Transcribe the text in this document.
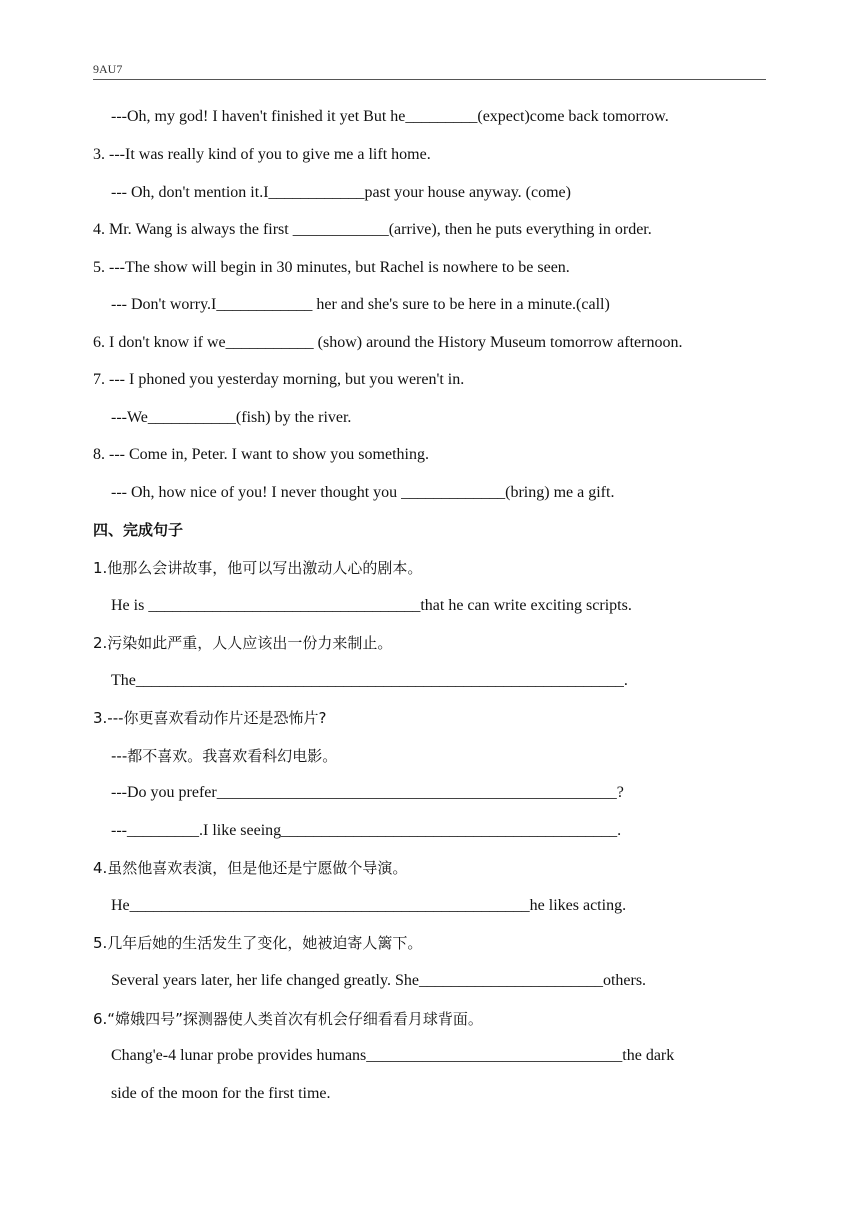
9AU7
---Oh, my god! I haven't finished it yet But he_________(expect)come back tomorrow.
3. ---It was really kind of you to give me a lift home.
--- Oh, don't mention it.I____________past your house anyway. (come)
4. Mr. Wang is always the first ____________(arrive), then he puts everything in order.
5. ---The show will begin in 30 minutes, but Rachel is nowhere to be seen.
--- Don't worry.I____________ her and she's sure to be here in a minute.(call)
6. I don't know if we___________ (show) around the History Museum tomorrow afternoon.
7. --- I phoned you yesterday morning, but you weren't in.
---We___________(fish) by the river.
8. --- Come in, Peter. I want to show you something.
--- Oh, how nice of you! I never thought you _____________(bring) me a gift.
四、完成句子
1.他那么会讲故事，他可以写出激动人心的剧本。
He is __________________________________that he can write exciting scripts.
2.污染如此严重，人人应该出一份力来制止。
The_____________________________________________________________.
3.---你更喜欢看动作片还是恐怖片?
---都不喜欢。我喜欢看科幻电影。
---Do you prefer__________________________________________________?
---_________.I like seeing__________________________________________.
4.虽然他喜欢表演，但是他还是宁愿做个导演。
He__________________________________________________he likes acting.
5.几年后她的生活发生了变化，她被迫寄人篱下。
Several years later, her life changed greatly. She_______________________others.
6.“嫦娥四号”探测器使人类首次有机会仔细看看月球背面。
Chang'e-4 lunar probe provides humans________________________________the dark
side of the moon for the first time.
